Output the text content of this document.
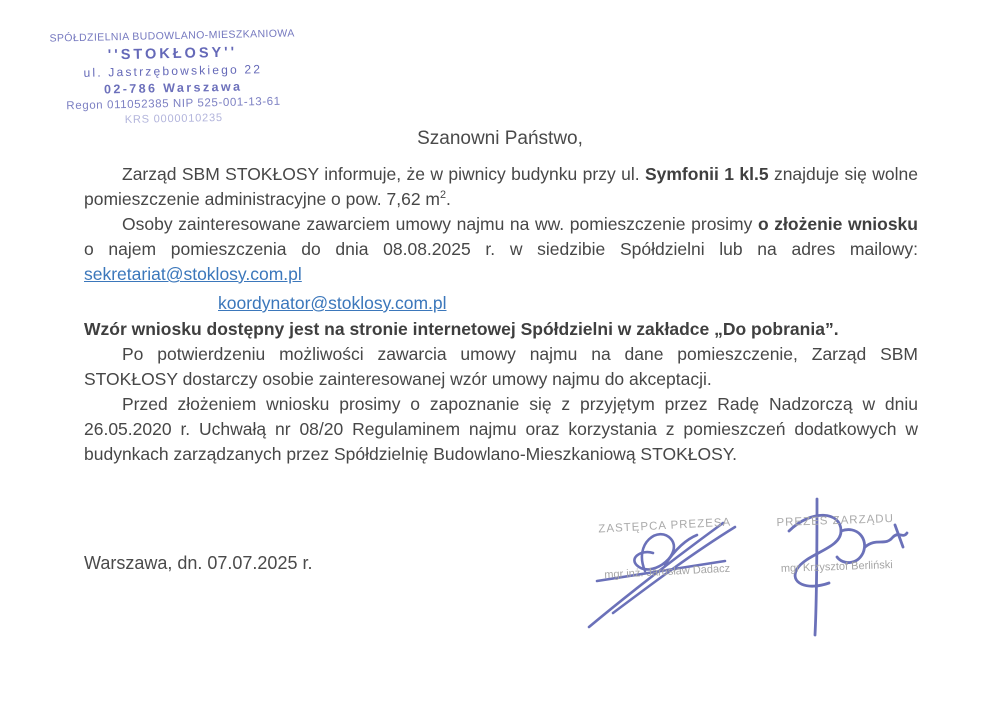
SPÓŁDZIELNIA BUDOWLANO-MIESZKANIOWA
''STOKŁOSY''
ul. Jastrzębowskiego 22
02-786 Warszawa
Regon 011052385 NIP 525-001-13-61
KRS 0000010235
Szanowni Państwo,
Zarząd SBM STOKŁOSY informuje, że w piwnicy budynku przy ul. Symfonii 1 kl.5 znajduje się wolne pomieszczenie administracyjne o pow. 7,62 $m^2$.
Osoby zainteresowane zawarciem umowy najmu na ww. pomieszczenie prosimy o złożenie wniosku o najem pomieszczenia do dnia 08.08.2025 r. w siedzibie Spółdzielni lub na adres mailowy: sekretariat@stoklosy.com.pl
koordynator@stoklosy.com.pl
Wzór wniosku dostępny jest na stronie internetowej Spółdzielni w zakładce „Do pobrania”.
Po potwierdzeniu możliwości zawarcia umowy najmu na dane pomieszczenie, Zarząd SBM STOKŁOSY dostarczy osobie zainteresowanej wzór umowy najmu do akceptacji.
Przed złożeniem wniosku prosimy o zapoznanie się z przyjętym przez Radę Nadzorczą w dniu 26.05.2020 r. Uchwałą nr 08/20 Regulaminem najmu oraz korzystania z pomieszczeń dodatkowych w budynkach zarządzanych przez Spółdzielnię Budowlano-Mieszkaniową STOKŁOSY.
Warszawa, dn. 07.07.2025 r.
ZASTĘPCA PREZESA
mgr inż. Jarosław Dadacz
PREZES ZARZĄDU
mgr Krzysztof Berliński
